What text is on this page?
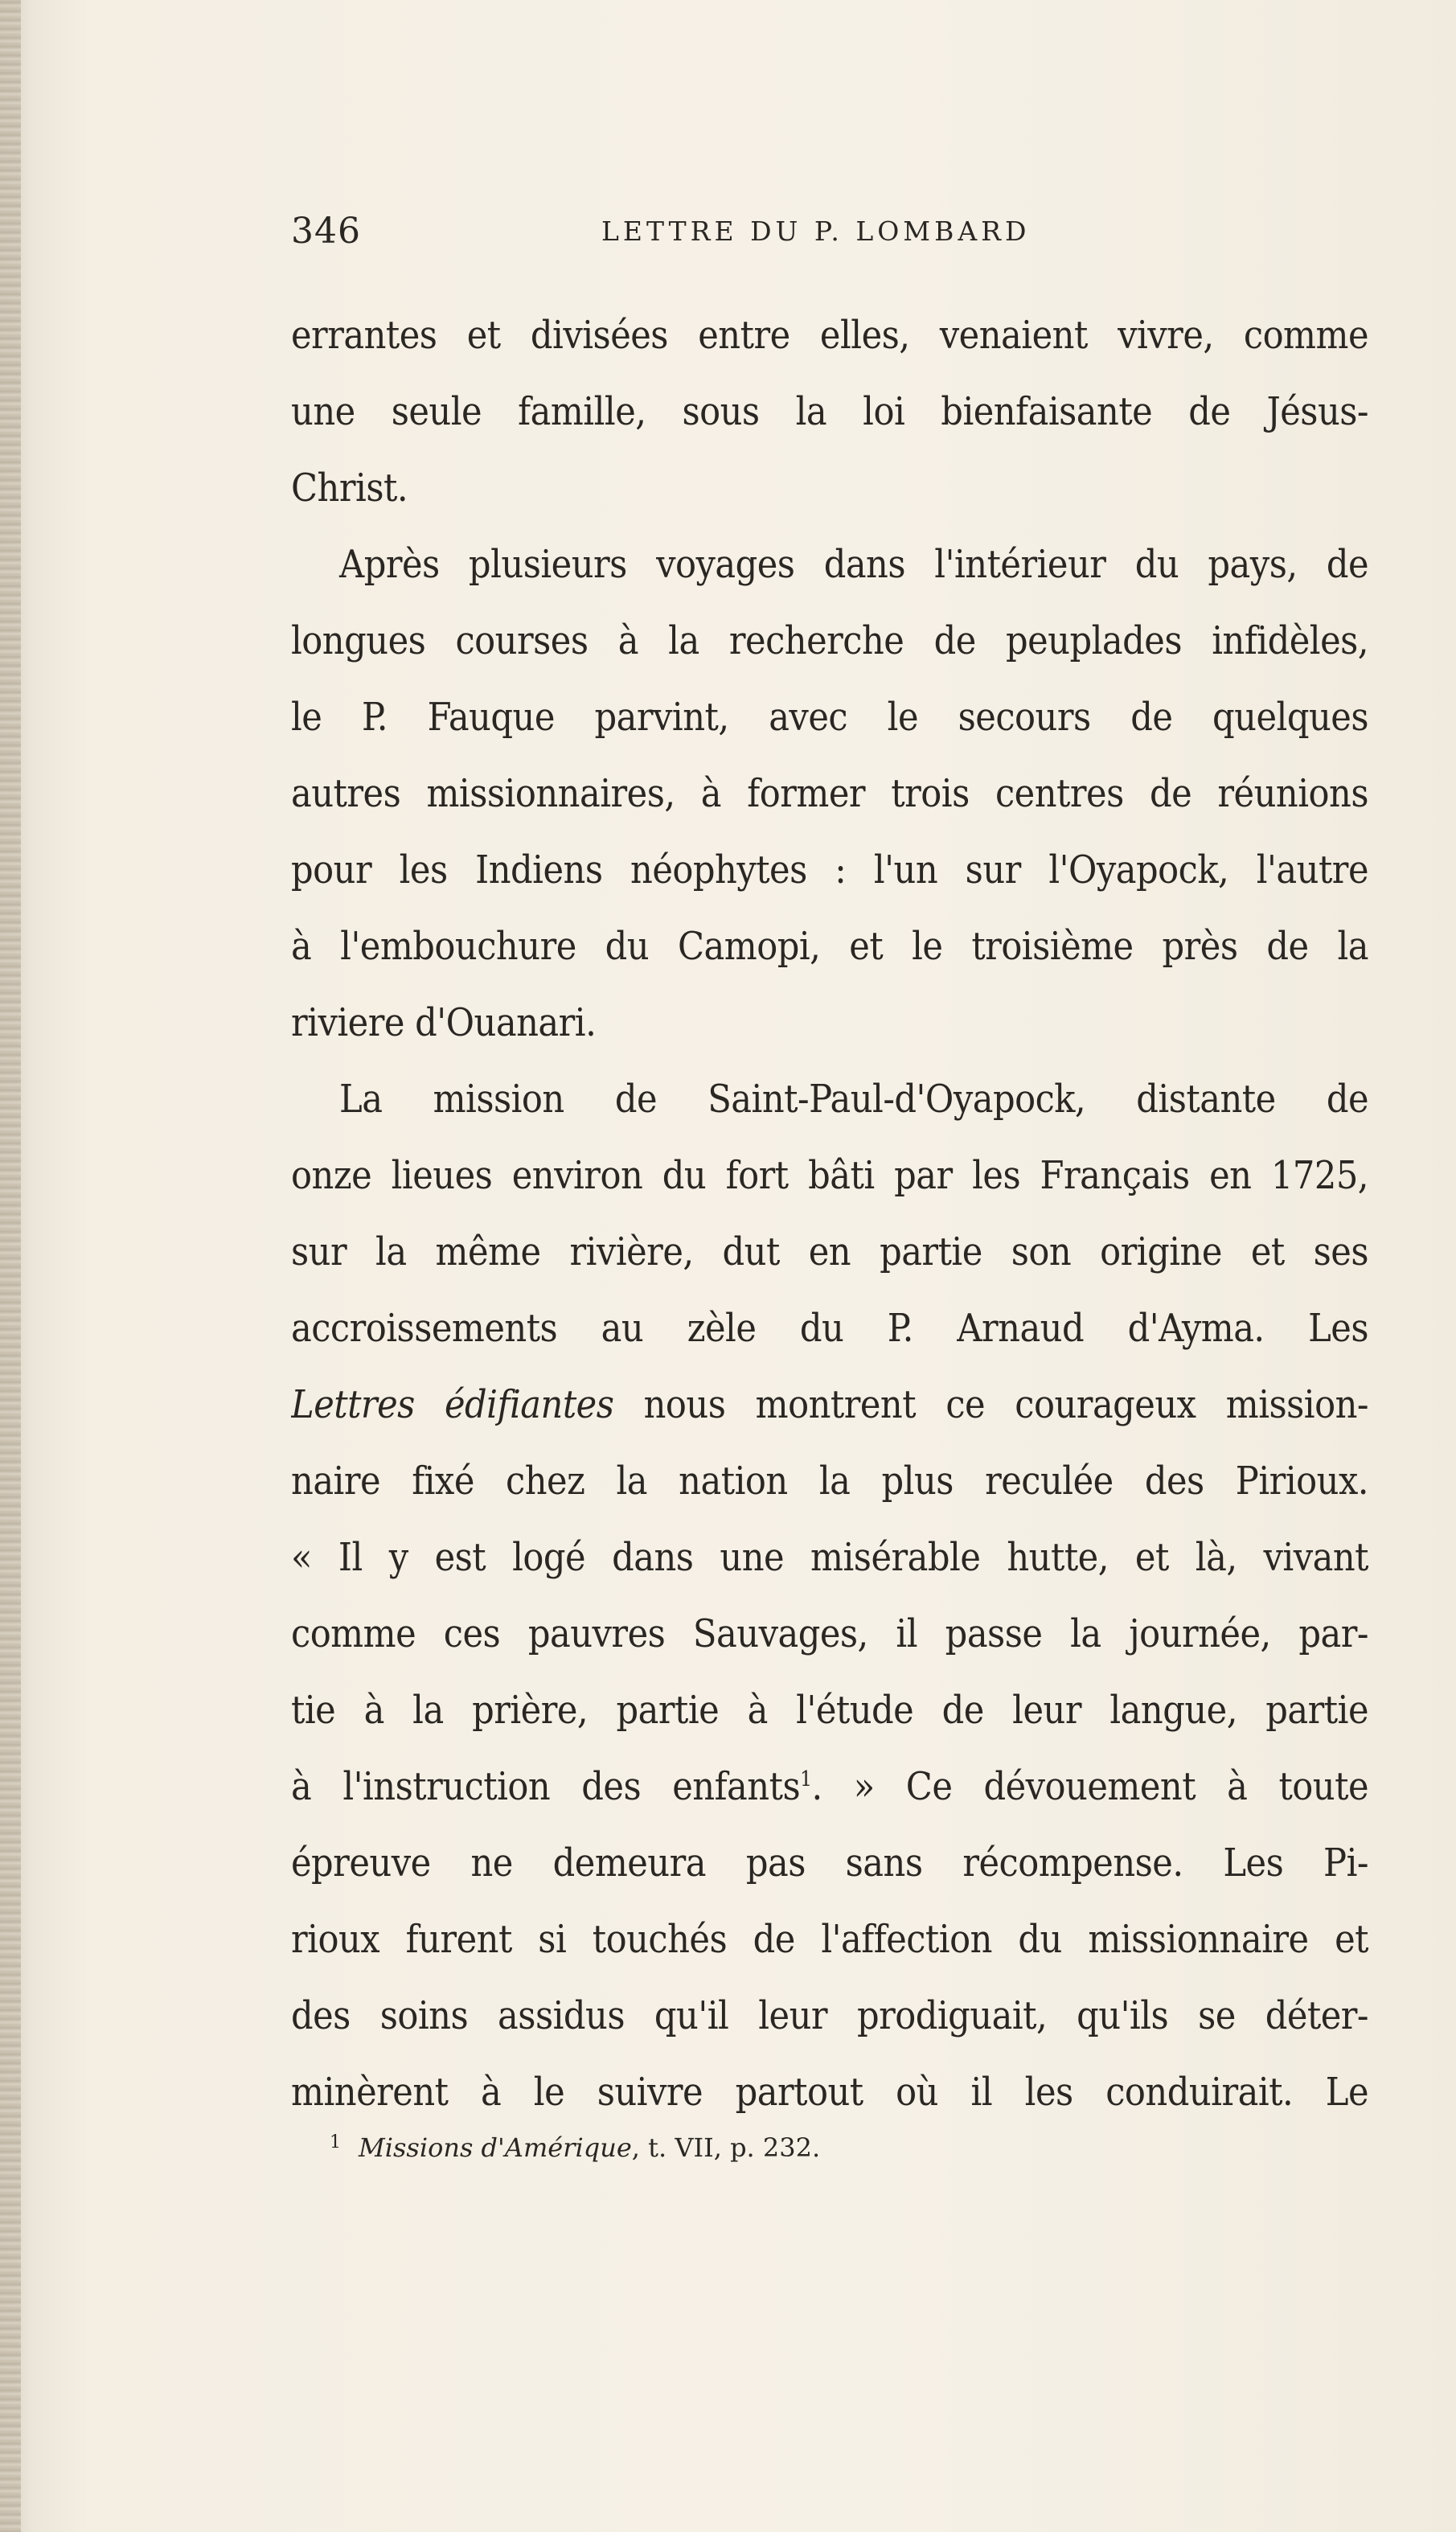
346	LETTRE DU P. LOMBARD
errantes et divisées entre elles, venaient vivre, comme
une seule famille, sous la loi bienfaisante de Jésus-
Christ.
Après plusieurs voyages dans l'intérieur du pays, de
longues courses à la recherche de peuplades infidèles,
le P. Fauque parvint, avec le secours de quelques
autres missionnaires, à former trois centres de réunions
pour les Indiens néophytes : l'un sur l'Oyapock, l'autre
à l'embouchure du Camopi, et le troisième près de la
riviere d'Ouanari.
La mission de Saint-Paul-d'Oyapock, distante de
onze lieues environ du fort bâti par les Français en 1725,
sur la même rivière, dut en partie son origine et ses
accroissements au zèle du P. Arnaud d'Ayma. Les
Lettres édifiantes nous montrent ce courageux mission-
naire fixé chez la nation la plus reculée des Pirioux.
« Il y est logé dans une misérable hutte, et là, vivant
comme ces pauvres Sauvages, il passe la journée, par-
tie à la prière, partie à l'étude de leur langue, partie
à l'instruction des enfants$^1$. » Ce dévouement à toute
épreuve ne demeura pas sans récompense. Les Pi-
rioux furent si touchés de l'affection du missionnaire et
des soins assidus qu'il leur prodiguait, qu'ils se déter-
minèrent à le suivre partout où il les conduirait. Le
$^1$ Missions d'Amérique, t. VII, p. 232.
